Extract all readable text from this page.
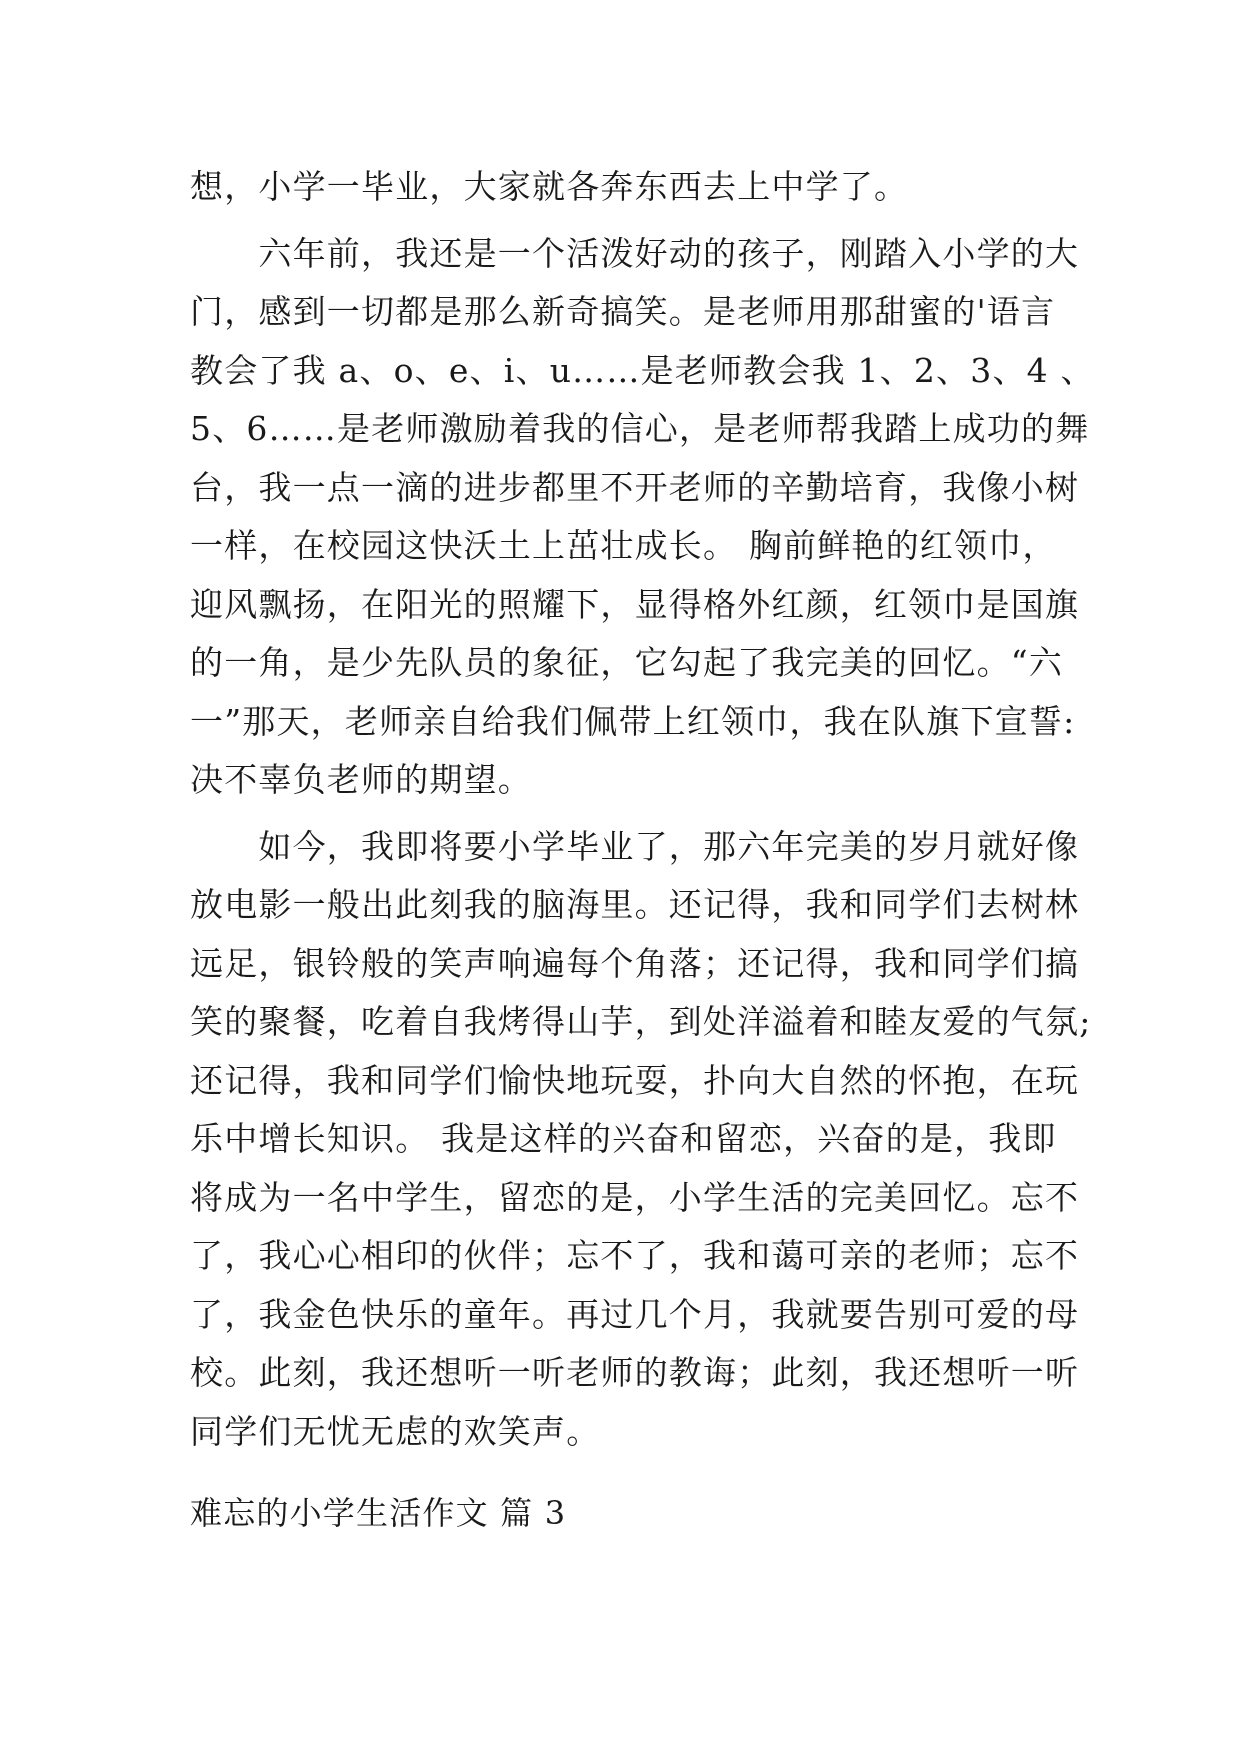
想，小学一毕业，大家就各奔东西去上中学了。
　　六年前，我还是一个活泼好动的孩子，刚踏入小学的大
门，感到一切都是那么新奇搞笑。是老师用那甜蜜的'语言
教会了我 a、o、e、i、u……是老师教会我 1、2、3、4 、
5、6……是老师激励着我的信心，是老师帮我踏上成功的舞
台，我一点一滴的进步都里不开老师的辛勤培育，我像小树
一样，在校园这快沃土上茁壮成长。 胸前鲜艳的红领巾，
迎风飘扬，在阳光的照耀下，显得格外红颜，红领巾是国旗
的一角，是少先队员的象征，它勾起了我完美的回忆。“六
一”那天，老师亲自给我们佩带上红领巾，我在队旗下宣誓:
决不辜负老师的期望。
　　如今，我即将要小学毕业了，那六年完美的岁月就好像
放电影一般出此刻我的脑海里。还记得，我和同学们去树林
远足，银铃般的笑声响遍每个角落；还记得，我和同学们搞
笑的聚餐，吃着自我烤得山芋，到处洋溢着和睦友爱的气氛;
还记得，我和同学们愉快地玩耍，扑向大自然的怀抱，在玩
乐中增长知识。 我是这样的兴奋和留恋，兴奋的是，我即
将成为一名中学生，留恋的是，小学生活的完美回忆。忘不
了，我心心相印的伙伴；忘不了，我和蔼可亲的老师；忘不
了，我金色快乐的童年。再过几个月，我就要告别可爱的母
校。此刻，我还想听一听老师的教诲；此刻，我还想听一听
同学们无忧无虑的欢笑声。
难忘的小学生活作文 篇 3
